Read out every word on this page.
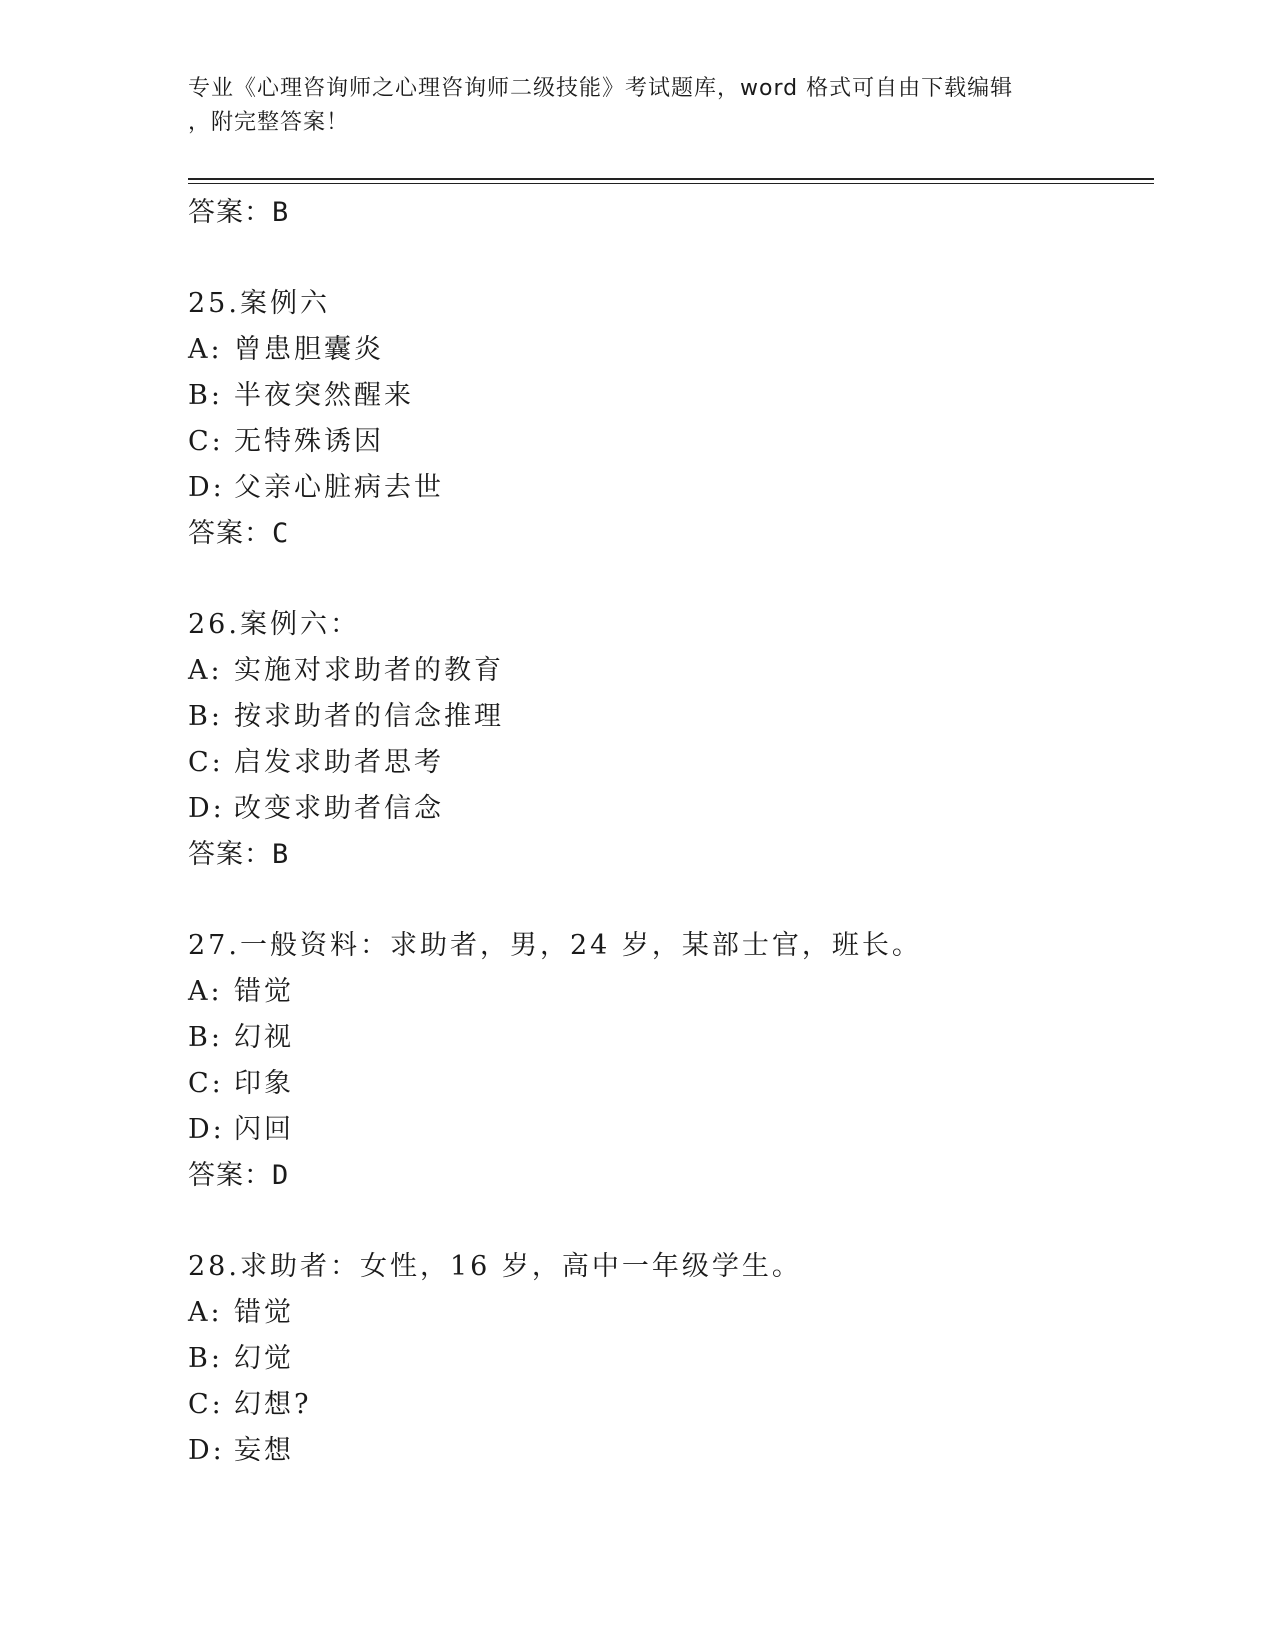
专业《心理咨询师之心理咨询师二级技能》考试题库，word 格式可自由下载编辑
，附完整答案！
答案：B
25.案例六
A: 曾患胆囊炎
B: 半夜突然醒来
C: 无特殊诱因
D: 父亲心脏病去世
答案：C
26.案例六：
A: 实施对求助者的教育
B: 按求助者的信念推理
C: 启发求助者思考
D: 改变求助者信念
答案：B
27.一般资料：求助者，男，24 岁，某部士官，班长。
A: 错觉
B: 幻视
C: 印象
D: 闪回
答案：D
28.求助者：女性，16 岁，高中一年级学生。
A: 错觉
B: 幻觉
C: 幻想?
D: 妄想
